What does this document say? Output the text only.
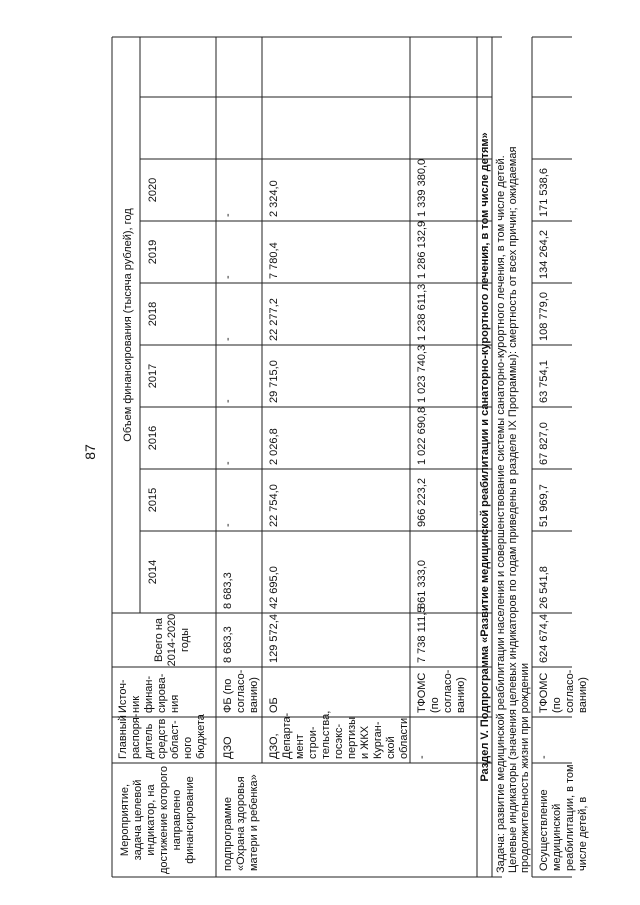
87
Мероприятие, задача целевой индикатор, на достижение которого направлено финансирование
Главный распоря- дитель средств област- ного бюджета
Источ- ник финан- сирова- ния
Объем финансирования (тысяча рублей), год
Всего на 2014-2020 годы
2014
2015
2016
2017
2018
2019
2020
подпрограмме «Охрана здоровья матери и ребенка»
ДЗО
ФБ (по согласо- ванию)
8 683,3
8 683,3
-
-
-
-
-
-
ДЗО, Департа- мент строи- тельства, госэкс- пертизы и ЖКХ Курган- ской области
ОБ
129 572,4
42 695,0
22 754,0
2 026,8
29 715,0
22 277,2
7 780,4
2 324,0
-
ТФОМС (по согласо- ванию)
7 738 111,5
861 333,0
966 223,2
1 022 690,8
1 023 740,3
1 238 611,3
1 286 132,9
1 339 380,0	Раздел V. Подпрограмма «Развитие медицинской реабилитации и санаторно-курортного лечения, в том числе детям» Задача: развитие медицинской реабилитации населения и совершенствование системы санаторно-курортного лечения, в том числе детей. Целевые индикаторы (значения целевых индикаторов по годам приведены в разделе IX Программы): смертность от всех причин; ожидаемая продолжительность жизни при рождении Осуществление медицинской реабилитации, в том числе детей, в
-
ТФОМС (по согласо- ванию)
624 674,4
26 541,8
51 969,7
67 827,0
63 754,1
108 779,0
134 264,2
171 538,6
